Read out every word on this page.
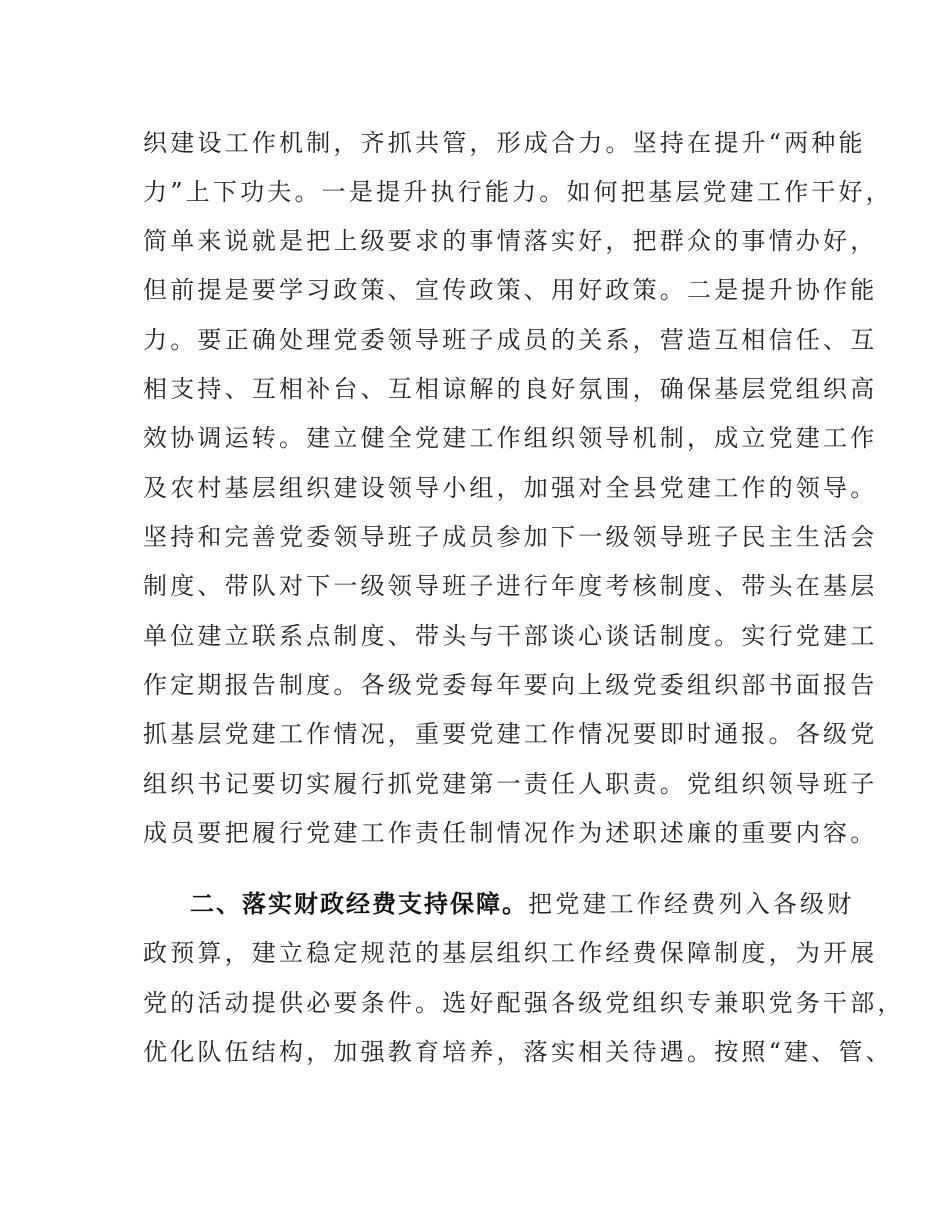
织建设工作机制，齐抓共管，形成合力。坚持在提升“两种能
力”上下功夫。一是提升执行能力。如何把基层党建工作干好，
简单来说就是把上级要求的事情落实好，把群众的事情办好，
但前提是要学习政策、宣传政策、用好政策。二是提升协作能
力。要正确处理党委领导班子成员的关系，营造互相信任、互
相支持、互相补台、互相谅解的良好氛围，确保基层党组织高
效协调运转。建立健全党建工作组织领导机制，成立党建工作
及农村基层组织建设领导小组，加强对全县党建工作的领导。
坚持和完善党委领导班子成员参加下一级领导班子民主生活会
制度、带队对下一级领导班子进行年度考核制度、带头在基层
单位建立联系点制度、带头与干部谈心谈话制度。实行党建工
作定期报告制度。各级党委每年要向上级党委组织部书面报告
抓基层党建工作情况，重要党建工作情况要即时通报。各级党
组织书记要切实履行抓党建第一责任人职责。党组织领导班子
成员要把履行党建工作责任制情况作为述职述廉的重要内容。
二、落实财政经费支持保障。把党建工作经费列入各级财
政预算，建立稳定规范的基层组织工作经费保障制度，为开展
党的活动提供必要条件。选好配强各级党组织专兼职党务干部，
优化队伍结构，加强教育培养，落实相关待遇。按照“建、管、
